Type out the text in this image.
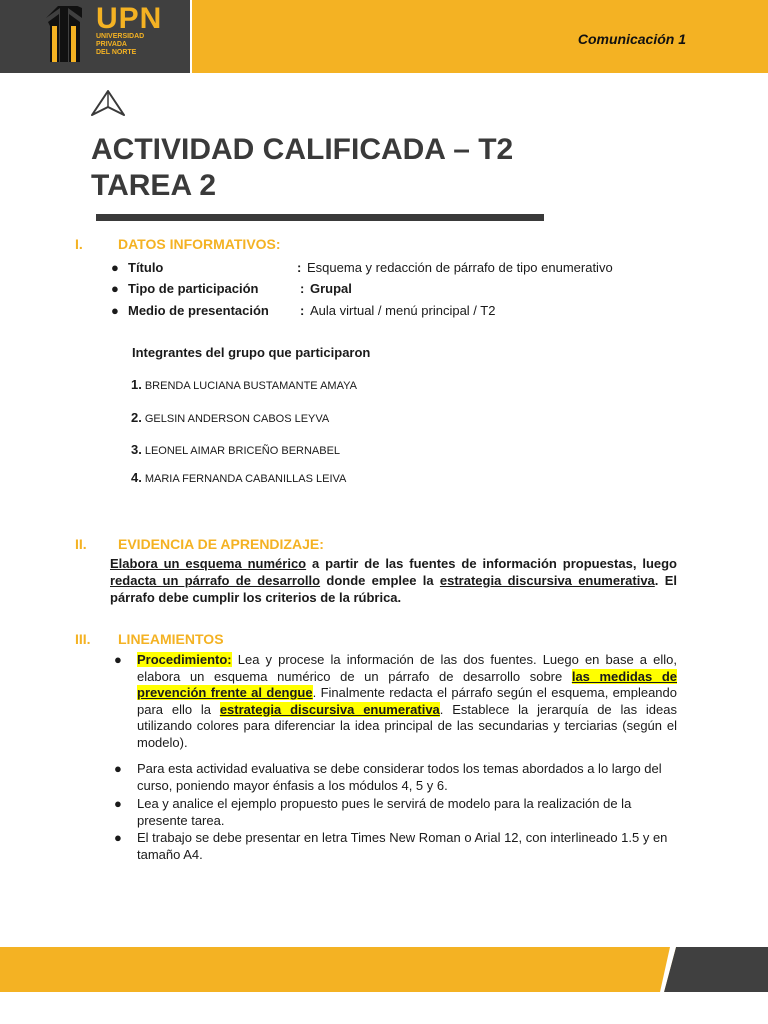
UPN
UNIVERSIDAD
PRIVADA
DEL NORTE
Comunicación 1
ACTIVIDAD CALIFICADA – T2
TAREA 2
I.	DATOS INFORMATIVOS:
● Título	: Esquema y redacción de párrafo de tipo enumerativo
● Tipo de participación	: Grupal
● Medio de presentación : Aula virtual / menú principal / T2
Integrantes del grupo que participaron
1. BRENDA LUCIANA BUSTAMANTE AMAYA
2. GELSIN ANDERSON CABOS LEYVA
3. LEONEL AIMAR BRICEÑO BERNABEL
4. MARIA FERNANDA CABANILLAS LEIVA
II. EVIDENCIA DE APRENDIZAJE:
Elabora un esquema numérico a partir de las fuentes de información propuestas, luego redacta un párrafo de desarrollo donde emplee la estrategia discursiva enumerativa. El párrafo debe cumplir los criterios de la rúbrica.
III. LINEAMIENTOS
● Procedimiento: Lea y procese la información de las dos fuentes. Luego en base a ello, elabora un esquema numérico de un párrafo de desarrollo sobre las medidas de prevención frente al dengue. Finalmente redacta el párrafo según el esquema, empleando para ello la estrategia discursiva enumerativa. Establece la jerarquía de las ideas utilizando colores para diferenciar la idea principal de las secundarias y terciarias (según el modelo).
● Para esta actividad evaluativa se debe considerar todos los temas abordados a lo largo del curso, poniendo mayor énfasis a los módulos 4, 5 y 6.
● Lea y analice el ejemplo propuesto pues le servirá de modelo para la realización de la presente tarea.
● El trabajo se debe presentar en letra Times New Roman o Arial 12, con interlineado 1.5 y en tamaño A4.
